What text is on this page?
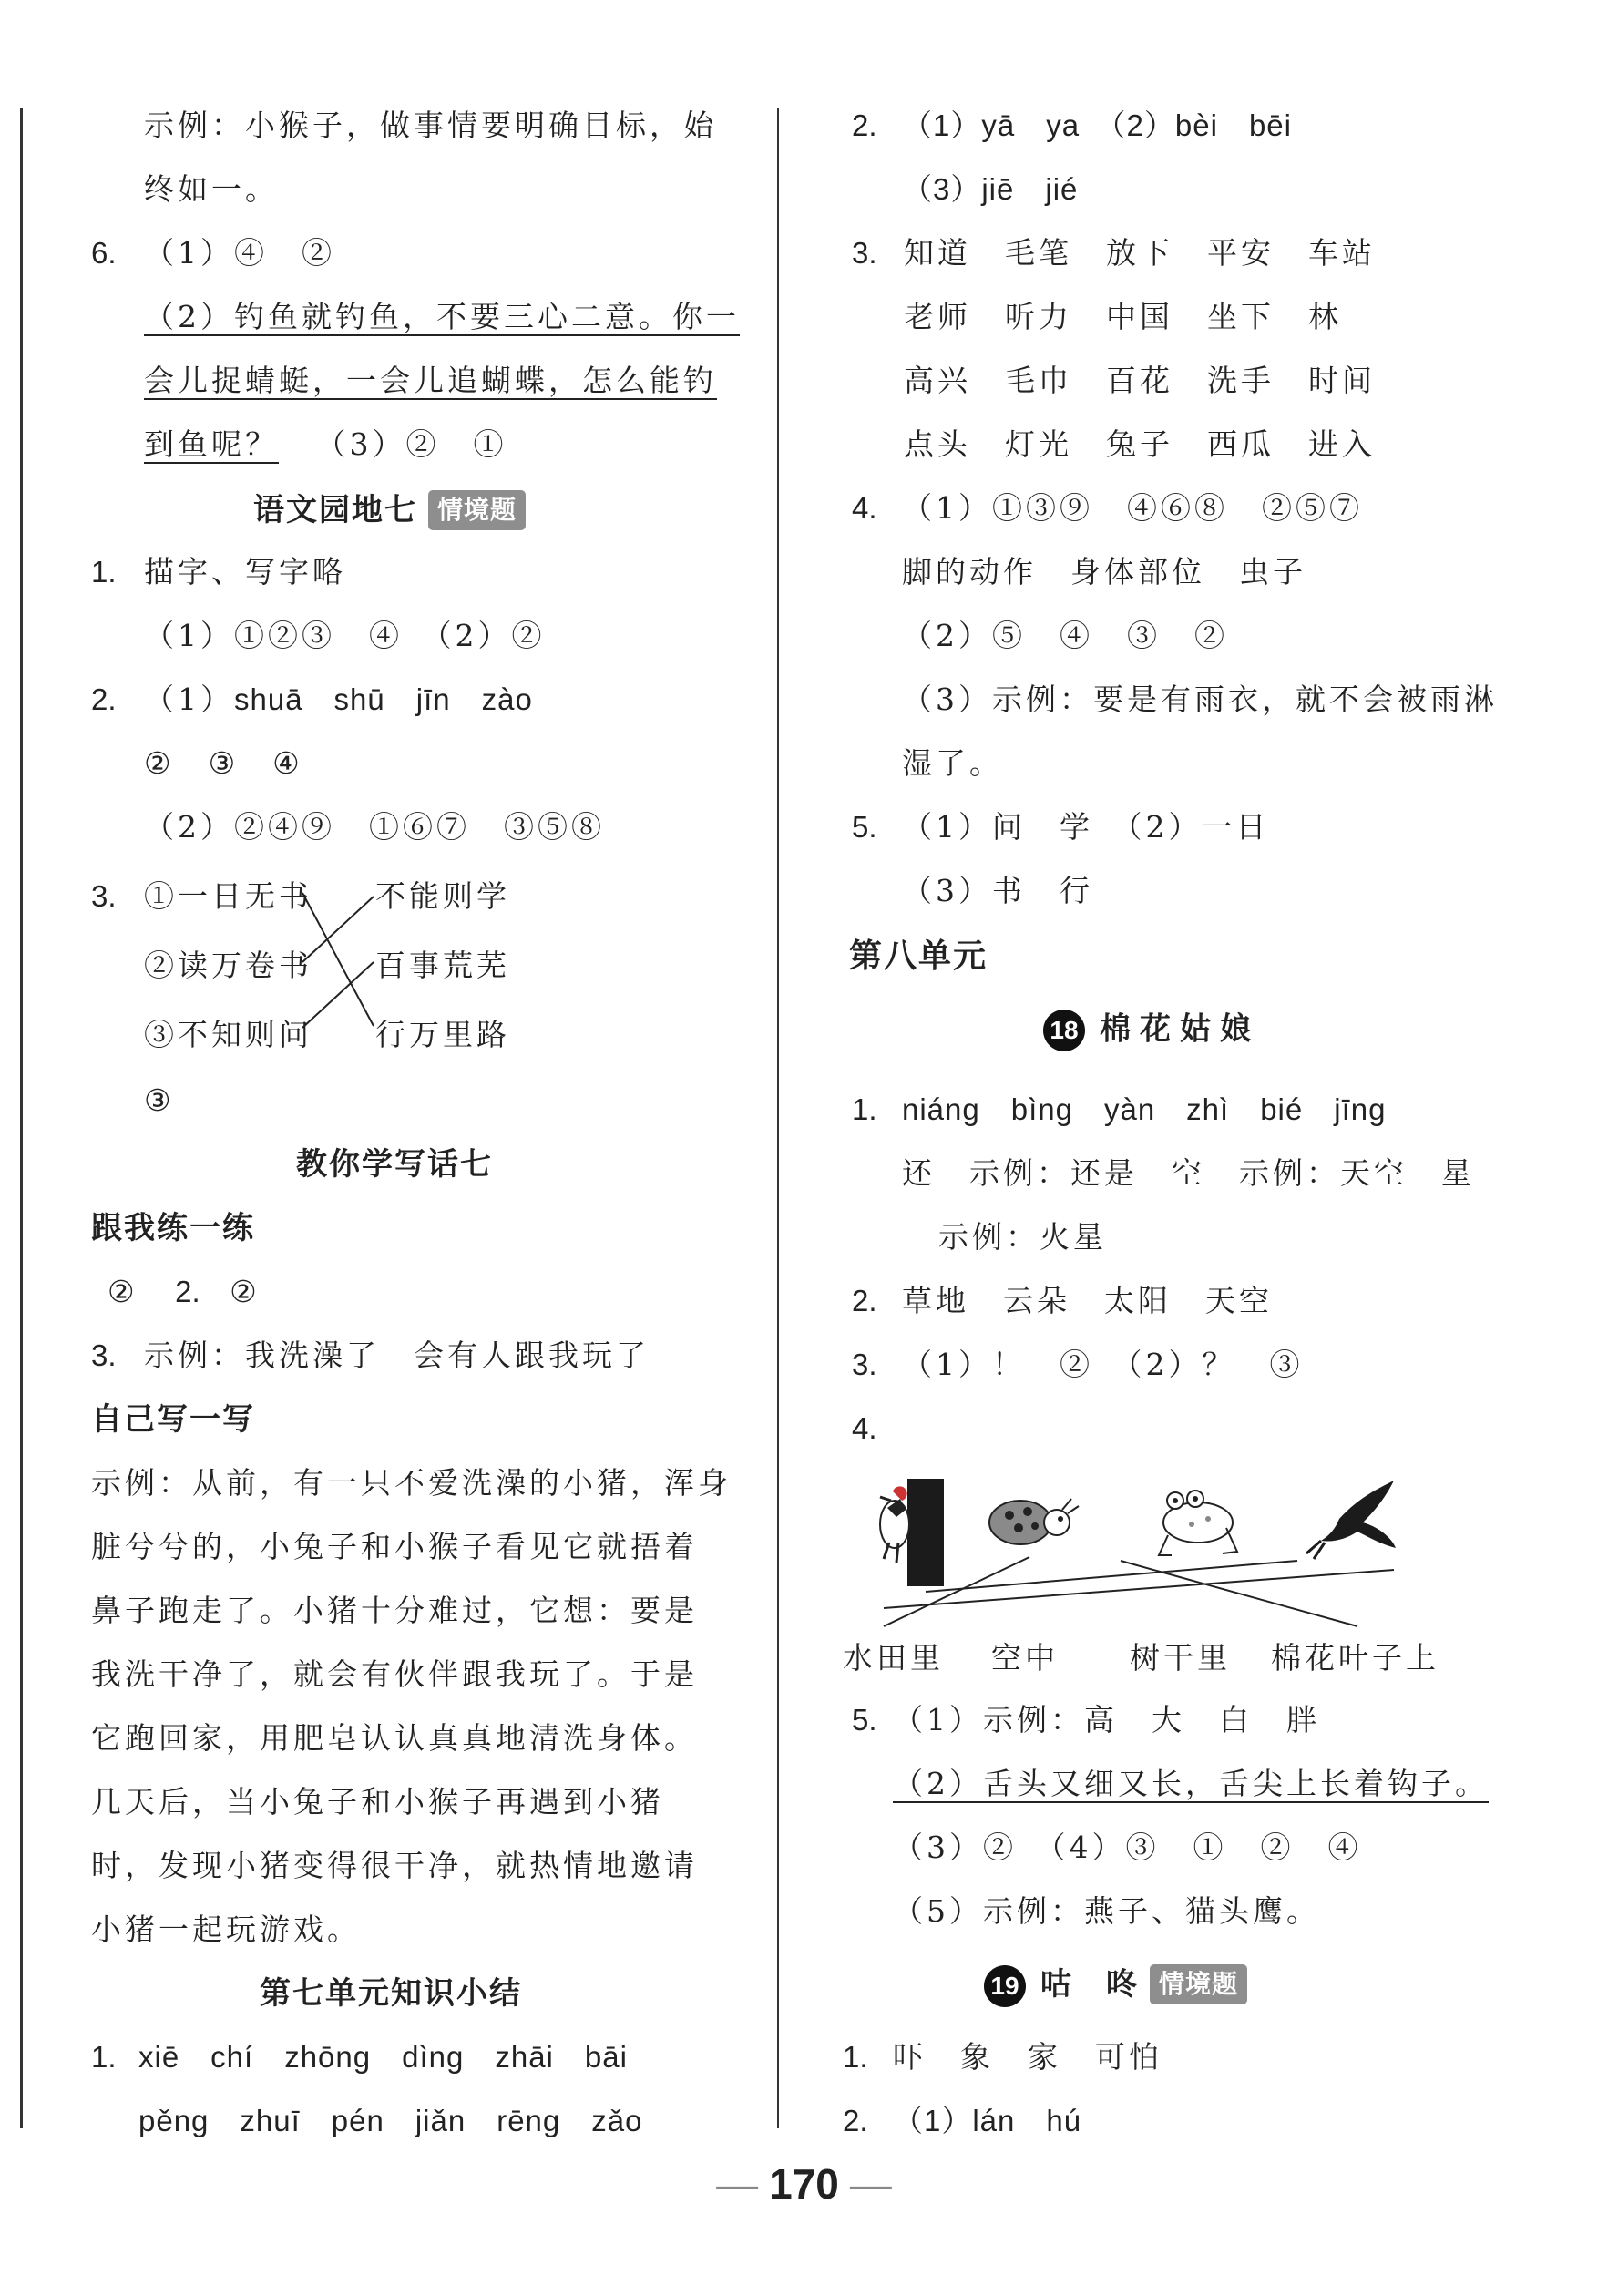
示例：小猴子，做事情要明确目标，始
终如一。
6. （1）④　②
（2）钓鱼就钓鱼，不要三心二意。你一
会儿捉蜻蜓，一会儿追蝴蝶，怎么能钓
到鱼呢？ （3）②　①
语文园地七 情境题
1. 描字、写字略
（1）①②③　④　（2）②
2. （1）shuā　shū　jīn　zào
②　③　④
（2）②④⑨　①⑥⑦　③⑤⑧
3. ①一日无书
②读万卷书
③不知则问
不能则学
百事荒芜
行万里路
③
教你学写话七
跟我练一练
② 2. ②
3. 示例：我洗澡了　会有人跟我玩了
自己写一写
示例：从前，有一只不爱洗澡的小猪，浑身
脏兮兮的，小兔子和小猴子看见它就捂着
鼻子跑走了。小猪十分难过，它想：要是
我洗干净了，就会有伙伴跟我玩了。于是
它跑回家，用肥皂认认真真地清洗身体。
几天后，当小兔子和小猴子再遇到小猪
时，发现小猪变得很干净，就热情地邀请
小猪一起玩游戏。
第七单元知识小结
1. xiē　chí　zhōng　dìng　zhāi　bāi
pěng　zhuī　pén　jiǎn　rēng　zǎo
2. （1）yā　ya　（2）bèi　bēi
（3）jiē　jié
3. 知道　毛笔　放下　平安　车站
老师　听力　中国　坐下　林
高兴　毛巾　百花　洗手　时间
点头　灯光　兔子　西瓜　进入
4. （1）①③⑨　④⑥⑧　②⑤⑦
脚的动作　身体部位　虫子
（2）⑤　④　③　②
（3）示例：要是有雨衣，就不会被雨淋
湿了。
5. （1）问　学　（2）一日
（3）书　行
第八单元
18 棉花姑娘
1. niáng　bìng　yàn　zhì　bié　jīng
还　示例：还是　空　示例：天空　星
示例：火星
2. 草地　云朵　太阳　天空
3. （1）！　②　（2）？　③
4.
水田里 空中 树干里 棉花叶子上
5. （1）示例：高　大　白　胖
（2）舌头又细又长，舌尖上长着钩子。
（3）②　（4）③　①　②　④
（5）示例：燕子、猫头鹰。
19 咕　咚 情境题
1. 吓　象　家　可怕
2. （1）lán　hú
— 170 —
